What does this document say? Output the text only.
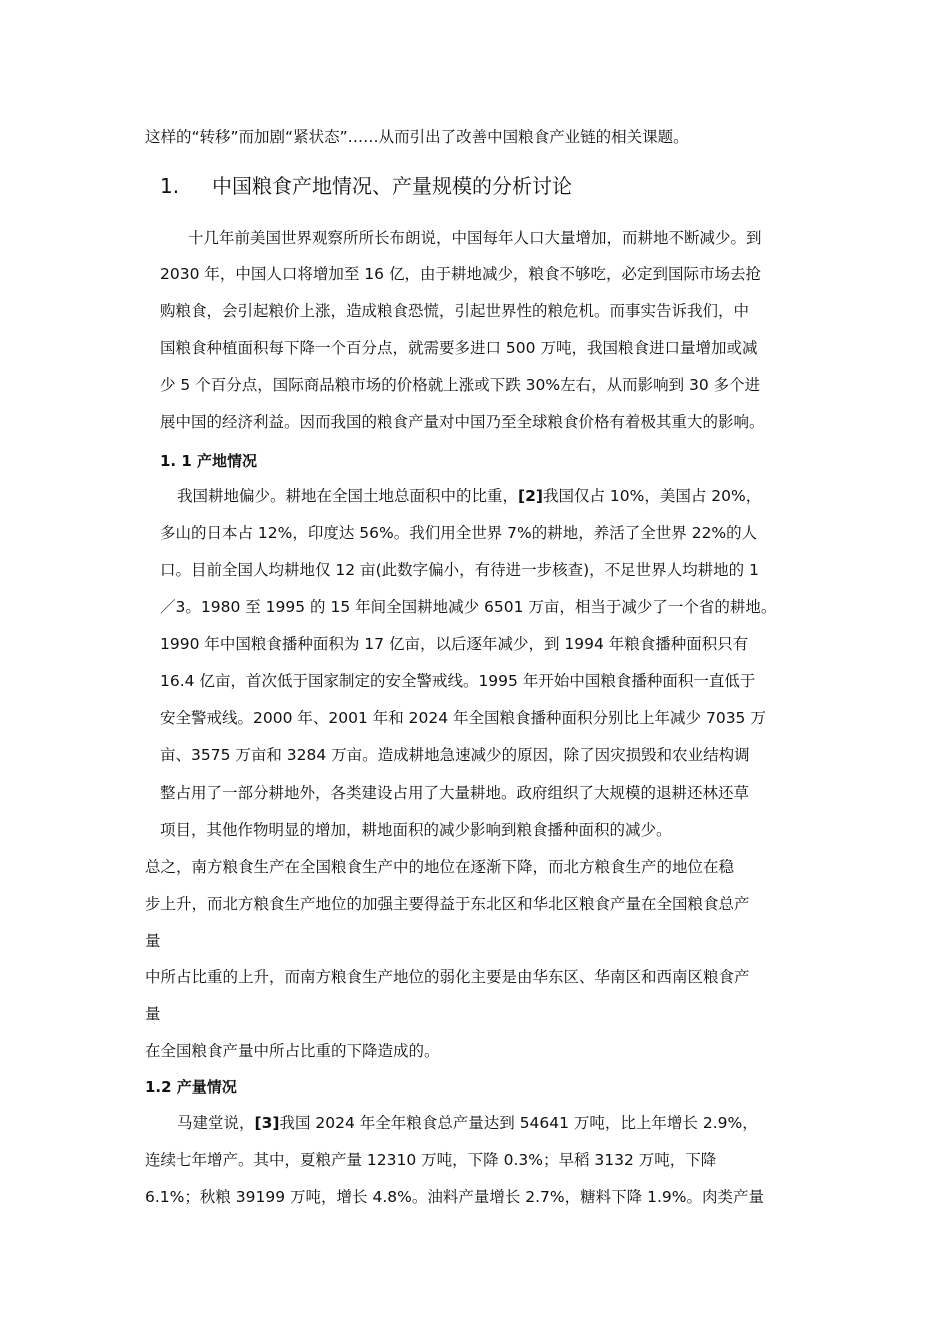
这样的“转移”而加剧“紧状态”……从而引出了改善中国粮食产业链的相关课题。
1. 中国粮食产地情况、产量规模的分析讨论
十几年前美国世界观察所所长布朗说，中国每年人口大量增加，而耕地不断减少。到
2030 年，中国人口将增加至 16 亿，由于耕地减少，粮食不够吃，必定到国际市场去抢
购粮食，会引起粮价上涨，造成粮食恐慌，引起世界性的粮危机。而事实告诉我们，中
国粮食种植面积每下降一个百分点，就需要多进口 500 万吨，我国粮食进口量增加或减
少 5 个百分点，国际商品粮市场的价格就上涨或下跌 30%左右，从而影响到 30 多个进
展中国的经济利益。因而我国的粮食产量对中国乃至全球粮食价格有着极其重大的影响。
1. 1 产地情况
我国耕地偏少。耕地在全国土地总面积中的比重，[2]我国仅占 10%，美国占 20%，
多山的日本占 12%，印度达 56%。我们用全世界 7%的耕地，养活了全世界 22%的人
口。目前全国人均耕地仅 12 亩(此数字偏小，有待进一步核查)，不足世界人均耕地的 1
／3。1980 至 1995 的 15 年间全国耕地减少 6501 万亩，相当于减少了一个省的耕地。
1990 年中国粮食播种面积为 17 亿亩，以后逐年减少，到 1994 年粮食播种面积只有
16.4 亿亩，首次低于国家制定的安全警戒线。1995 年开始中国粮食播种面积一直低于
安全警戒线。2000 年、2001 年和 2024 年全国粮食播种面积分别比上年减少 7035 万
亩、3575 万亩和 3284 万亩。造成耕地急速减少的原因，除了因灾损毁和农业结构调
整占用了一部分耕地外，各类建设占用了大量耕地。政府组织了大规模的退耕还林还草
项目，其他作物明显的增加，耕地面积的减少影响到粮食播种面积的减少。
总之，南方粮食生产在全国粮食生产中的地位在逐渐下降，而北方粮食生产的地位在稳
步上升，而北方粮食生产地位的加强主要得益于东北区和华北区粮食产量在全国粮食总产
量
中所占比重的上升，而南方粮食生产地位的弱化主要是由华东区、华南区和西南区粮食产
量
在全国粮食产量中所占比重的下降造成的。
1.2 产量情况
马建堂说，[3]我国 2024 年全年粮食总产量达到 54641 万吨，比上年增长 2.9%，
连续七年增产。其中，夏粮产量 12310 万吨，下降 0.3%；早稻 3132 万吨，下降
6.1%；秋粮 39199 万吨，增长 4.8%。油料产量增长 2.7%，糖料下降 1.9%。肉类产量
